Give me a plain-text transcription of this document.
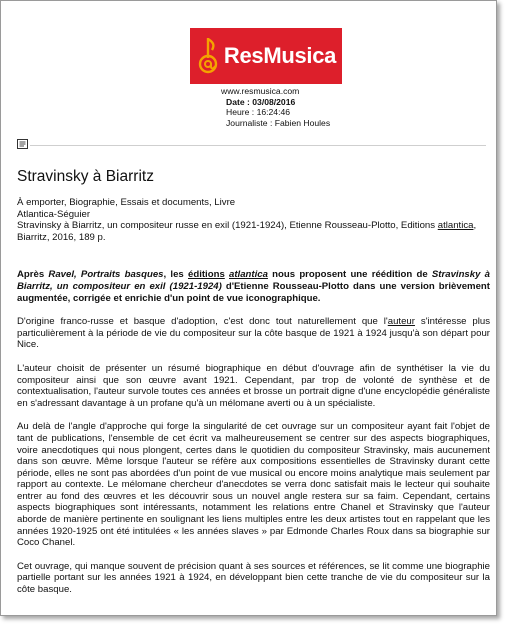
ResMusica
www.resmusica.com
Date : 03/08/2016
Heure : 16:24:46
Journaliste : Fabien Houles
Stravinsky à Biarritz

À emporter, Biographie, Essais et documents, Livre

Atlantica-Séguier

Stravinsky à Biarritz, un compositeur russe en exil (1921-1924), Etienne Rousseau-Plotto, Editions atlantica, Biarritz, 2016, 189 p.

Après Ravel, Portraits basques, les éditions atlantica nous proposent une réédition de Stravinsky à Biarritz, un compositeur en exil (1921-1924) d'Etienne Rousseau-Plotto dans une version brièvement augmentée, corrigée et enrichie d'un point de vue iconographique.

D'origine franco-russe et basque d'adoption, c'est donc tout naturellement que l'auteur s'intéresse plus particulièrement à la période de vie du compositeur sur la côte basque de 1921 à 1924 jusqu'à son départ pour Nice.

L'auteur choisit de présenter un résumé biographique en début d'ouvrage afin de synthétiser la vie du compositeur ainsi que son œuvre avant 1921. Cependant, par trop de volonté de synthèse et de contextualisation, l'auteur survole toutes ces années et brosse un portrait digne d'une encyclopédie généraliste en s'adressant davantage à un profane qu'à un mélomane averti ou à un spécialiste.

Au delà de l'angle d'approche qui forge la singularité de cet ouvrage sur un compositeur ayant fait l'objet de tant de publications, l'ensemble de cet écrit va malheureusement se centrer sur des aspects biographiques, voire anecdotiques qui nous plongent, certes dans le quotidien du compositeur Stravinsky, mais aucunement dans son œuvre. Même lorsque l'auteur se réfère aux compositions essentielles de Stravinsky durant cette période, elles ne sont pas abordées d'un point de vue musical ou encore moins analytique mais seulement par rapport au contexte. Le mélomane chercheur d'anecdotes se verra donc satisfait mais le lecteur qui souhaite entrer au fond des œuvres et les découvrir sous un nouvel angle restera sur sa faim. Cependant, certains aspects biographiques sont intéressants, notamment les relations entre Chanel et Stravinsky que l'auteur aborde de manière pertinente en soulignant les liens multiples entre les deux artistes tout en rappelant que les années 1920-1925 ont été intitulées « les années slaves » par Edmonde Charles Roux dans sa biographie sur Coco Chanel.

Cet ouvrage, qui manque souvent de précision quant à ses sources et références, se lit comme une biographie partielle portant sur les années 1921 à 1924, en développant bien cette tranche de vie du compositeur sur la côte basque.
